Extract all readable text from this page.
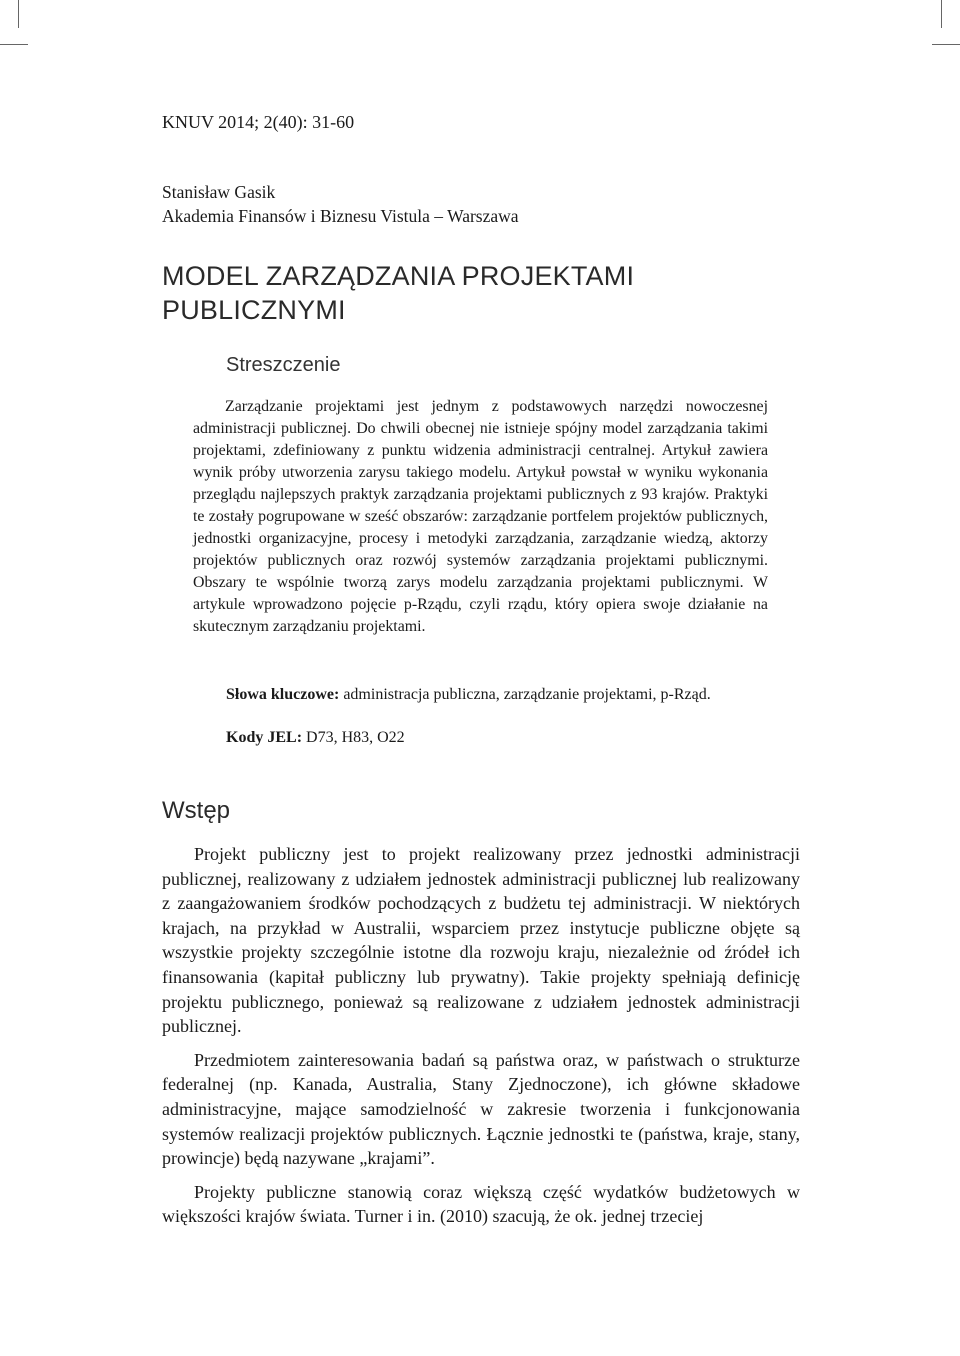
KNUV 2014; 2(40): 31-60
Stanisław Gasik
Akademia Finansów i Biznesu Vistula – Warszawa
MODEL ZARZĄDZANIA PROJEKTAMI
PUBLICZNYMI
Streszczenie
Zarządzanie projektami jest jednym z podstawowych narzędzi nowoczesnej administracji publicznej. Do chwili obecnej nie istnieje spójny model zarządzania takimi projektami, zdefiniowany z punktu widzenia administracji centralnej. Artykuł zawiera wynik próby utworzenia zarysu takiego modelu. Artykuł powstał w wyniku wykonania przeglądu najlepszych praktyk zarządzania projektami publicznych z 93 krajów. Praktyki te zostały pogrupowane w sześć obszarów: zarządzanie portfelem projektów publicznych, jednostki organizacyjne, procesy i metodyki zarządzania, zarządzanie wiedzą, aktorzy projektów publicznych oraz rozwój systemów zarządzania projektami publicznymi. Obszary te wspólnie tworzą zarys modelu zarządzania projektami publicznymi. W artykule wprowadzono pojęcie p-Rządu, czyli rządu, który opiera swoje działanie na skutecznym zarządzaniu projektami.
Słowa kluczowe: administracja publiczna, zarządzanie projektami, p-Rząd.
Kody JEL: D73, H83, O22
Wstęp

Projekt publiczny jest to projekt realizowany przez jednostki administracji publicznej, realizowany z udziałem jednostek administracji publicznej lub realizowany z zaangażowaniem środków pochodzących z budżetu tej administracji. W niektórych krajach, na przykład w Australii, wsparciem przez instytucje publiczne objęte są wszystkie projekty szczególnie istotne dla rozwoju kraju, niezależnie od źródeł ich finansowania (kapitał publiczny lub prywatny). Takie projekty spełniają definicję projektu publicznego, ponieważ są realizowane z udziałem jednostek administracji publicznej.

Przedmiotem zainteresowania badań są państwa oraz, w państwach o strukturze federalnej (np. Kanada, Australia, Stany Zjednoczone), ich główne składowe administracyjne, mające samodzielność w zakresie tworzenia i funkcjonowania systemów realizacji projektów publicznych. Łącznie jednostki te (państwa, kraje, stany, prowincje) będą nazywane „krajami”.

Projekty publiczne stanowią coraz większą część wydatków budżetowych w większości krajów świata. Turner i in. (2010) szacują, że ok. jednej trzeciej
